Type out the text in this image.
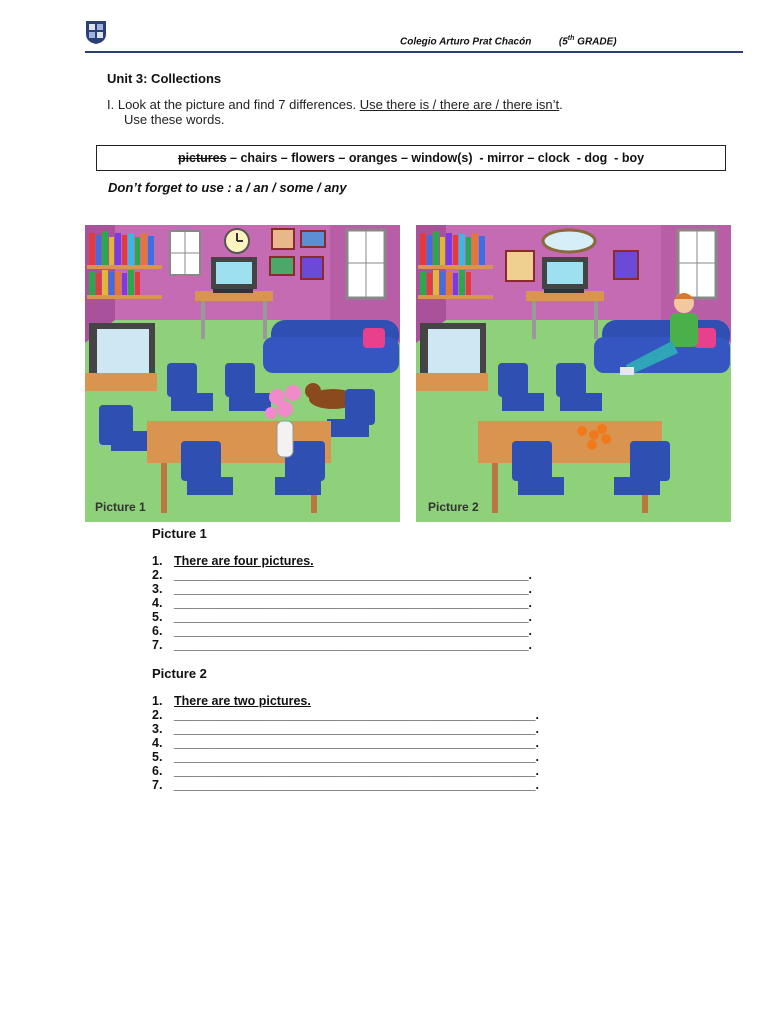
Colegio Arturo Prat Chacón	(5th GRADE)
Unit 3: Collections
I. Look at the picture and find 7 differences. Use there is / there are / there isn’t.
Use these words.
pictures – chairs – flowers – oranges – window(s)  - mirror – clock  - dog  - boy
Don’t forget to use : a / an / some / any
Picture 1	Picture 2
Picture 1
1. There are four pictures.
2. ___________________________________________________.
3. ___________________________________________________.
4. ___________________________________________________.
5. ___________________________________________________.
6. ___________________________________________________.
7. ___________________________________________________.
Picture 2
1. There are two pictures.
2. ____________________________________________________.
3. ____________________________________________________.
4. ____________________________________________________.
5. ____________________________________________________.
6. ____________________________________________________.
7. ____________________________________________________.
